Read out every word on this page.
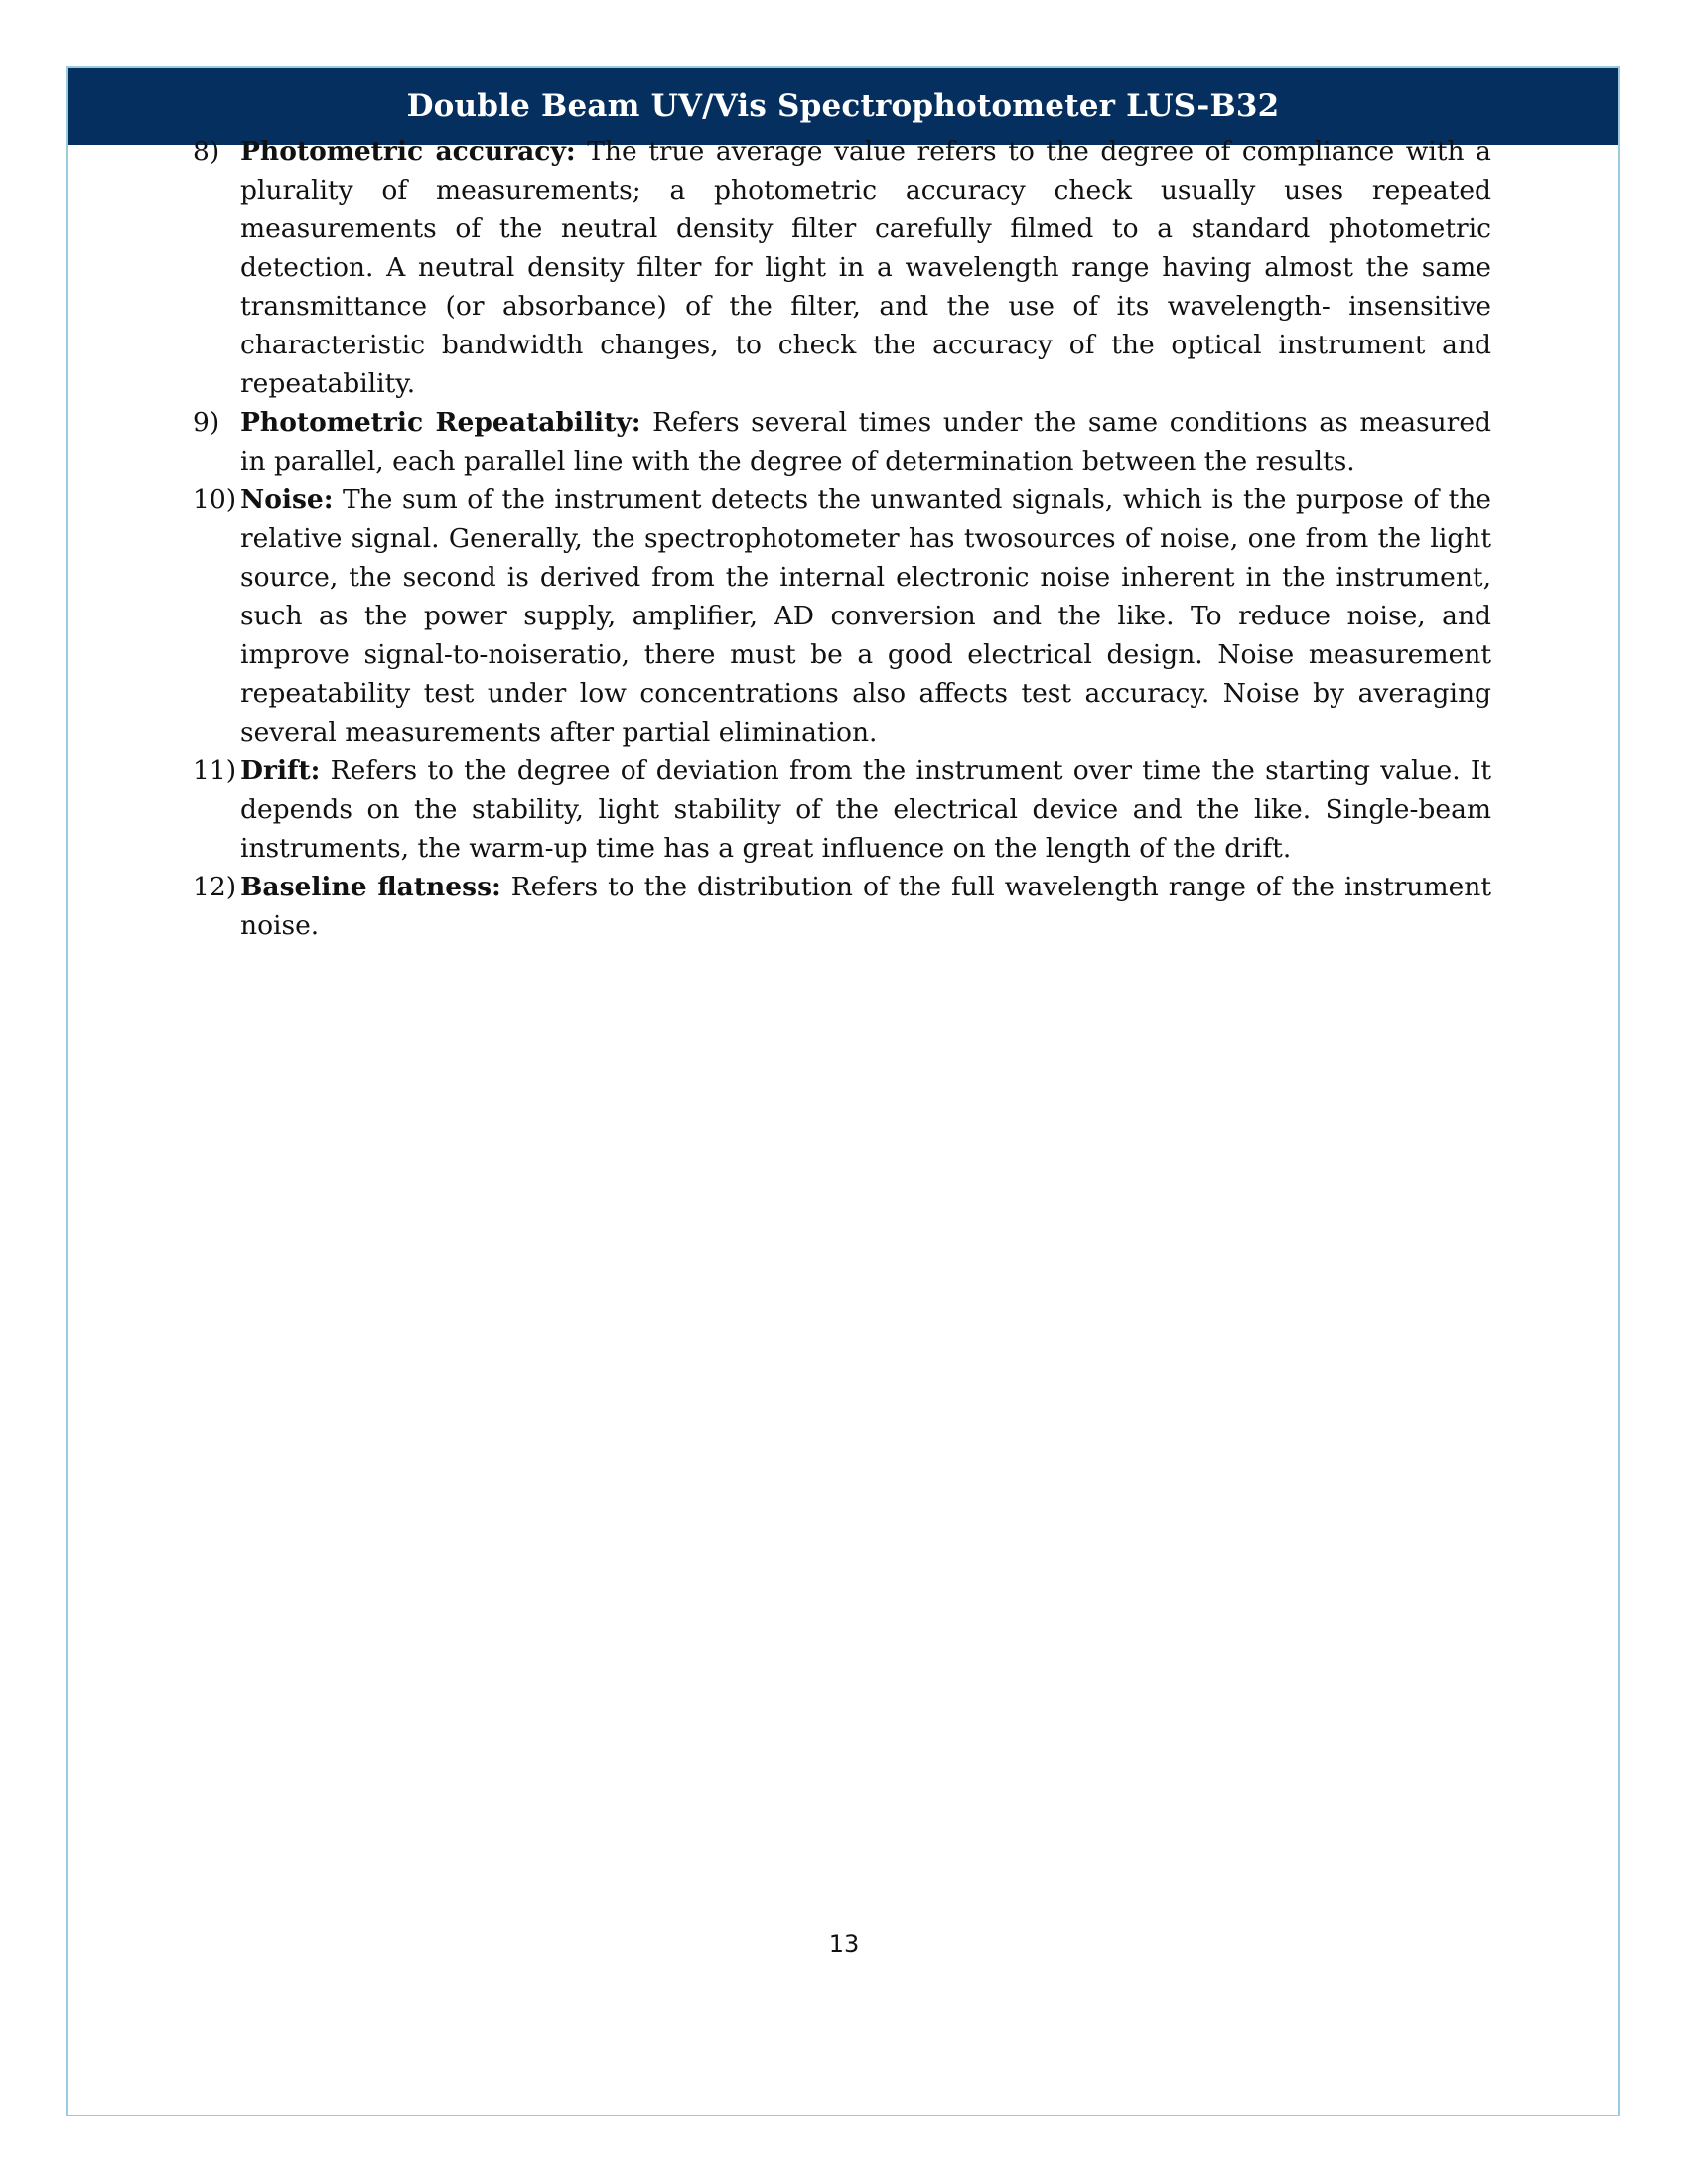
Double Beam UV/Vis Spectrophotometer LUS-B32
8) Photometric accuracy: The true average value refers to the degree of compliance with a plurality of measurements; a photometric accuracy check usually uses repeated measurements of the neutral density filter carefully filmed to a standard photometric detection. A neutral density filter for light in a wavelength range having almost the same transmittance (or absorbance) of the filter, and the use of its wavelength- insensitive characteristic bandwidth changes, to check the accuracy of the optical instrument and repeatability.

9) Photometric Repeatability: Refers several times under the same conditions as measured in parallel, each parallel line with the degree of determination between the results.

10) Noise: The sum of the instrument detects the unwanted signals, which is the purpose of the relative signal. Generally, the spectrophotometer has twosources of noise, one from the light source, the second is derived from the internal electronic noise inherent in the instrument, such as the power supply, amplifier, AD conversion and the like. To reduce noise, and improve signal-to-noiseratio, there must be a good electrical design. Noise measurement repeatability test under low concentrations also affects test accuracy. Noise by averaging several measurements after partial elimination.

11) Drift: Refers to the degree of deviation from the instrument over time the starting value. It depends on the stability, light stability of the electrical device and the like. Single-beam instruments, the warm-up time has a great influence on the length of the drift.

12) Baseline flatness: Refers to the distribution of the full wavelength range of the instrument noise.

13
